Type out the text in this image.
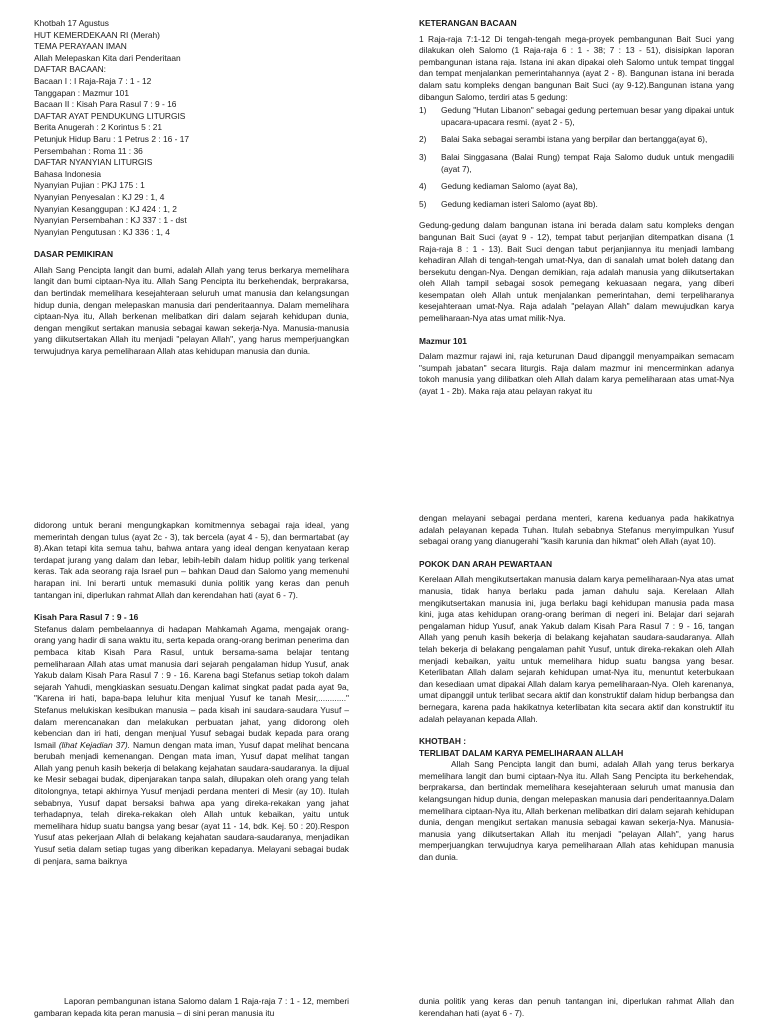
Khotbah 17 Agustus

HUT KEMERDEKAAN RI (Merah)

TEMA PERAYAAN IMAN

Allah Melepaskan Kita dari Penderitaan

DAFTAR BACAAN:

Bacaan I : I Raja-Raja 7 : 1 - 12

Tanggapan : Mazmur 101

Bacaan II : Kisah Para Rasul 7 : 9 - 16

DAFTAR AYAT PENDUKUNG LITURGIS

Berita Anugerah : 2 Korintus 5 : 21

Petunjuk Hidup Baru : 1 Petrus 2 : 16 - 17

Persembahan : Roma 11 : 36

DAFTAR NYANYIAN LITURGIS

Bahasa Indonesia

Nyanyian Pujian : PKJ 175 : 1

Nyanyian Penyesalan : KJ 29 : 1, 4

Nyanyian Kesanggupan : KJ 424 : 1, 2

Nyanyian Persembahan : KJ 337 : 1 - dst

Nyanyian Pengutusan : KJ 336 : 1, 4

DASAR PEMIKIRAN

Allah Sang Pencipta langit dan bumi, adalah Allah yang terus berkarya memelihara langit dan bumi ciptaan-Nya itu. Allah Sang Pencipta itu berkehendak, berprakarsa, dan bertindak memelihara kesejahteraan seluruh umat manusia dan kelangsungan hidup dunia, dengan melepaskan manusia dari penderitaannya. Dalam memelihara ciptaan-Nya itu, Allah berkenan melibatkan diri dalam sejarah kehidupan dunia, dengan mengikut sertakan manusia sebagai kawan sekerja-Nya. Manusia-manusia yang diikutsertakan Allah itu menjadi "pelayan Allah", yang harus memperjuangkan terwujudnya karya pemeliharaan Allah atas kehidupan manusia dan dunia.

KETERANGAN BACAAN

1 Raja-raja 7:1-12 Di tengah-tengah mega-proyek pembangunan Bait Suci yang dilakukan oleh Salomo (1 Raja-raja 6 : 1 - 38; 7 : 13 - 51), disisipkan laporan pembangunan istana raja. Istana ini akan dipakai oleh Salomo untuk tempat tinggal dan tempat menjalankan pemerintahannya (ayat 2 - 8). Bangunan istana ini berada dalam satu kompleks dengan bangunan Bait Suci (ay 9-12).Bangunan istana yang dibangun Salomo, terdiri atas 5 gedung:

1) Gedung "Hutan Libanon" sebagai gedung pertemuan besar yang dipakai untuk upacara-upacara resmi. (ayat 2 - 5),
2) Balai Saka sebagai serambi istana yang berpilar dan bertangga(ayat 6),
3) Balai Singgasana (Balai Rung) tempat Raja Salomo duduk untuk mengadili (ayat 7),
4) Gedung kediaman Salomo (ayat 8a),
5) Gedung kediaman isteri Salomo (ayat 8b).

Gedung-gedung dalam bangunan istana ini berada dalam satu kompleks dengan bangunan Bait Suci (ayat 9 - 12), tempat tabut perjanjian ditempatkan disana (1 Raja-raja 8 : 1 - 13). Bait Suci dengan tabut perjanjiannya itu menjadi lambang kehadiran Allah di tengah-tengah umat-Nya, dan di sanalah umat boleh datang dan bersekutu dengan-Nya. Dengan demikian, raja adalah manusia yang diikutsertakan oleh Allah tampil sebagai sosok pemegang kekuasaan negara, yang diberi kesempatan oleh Allah untuk menjalankan pemerintahan, demi terpeliharanya kesejahteraan umat-Nya. Raja adalah "pelayan Allah" dalam mewujudkan karya pemeliharaan-Nya atas umat milik-Nya.

Mazmur 101

Dalam mazmur rajawi ini, raja keturunan Daud dipanggil menyampaikan semacam "sumpah jabatan" secara liturgis. Raja dalam mazmur ini mencerminkan adanya tokoh manusia yang dilibatkan oleh Allah dalam karya pemeliharaan atas umat-Nya (ayat 1 - 2b). Maka raja atau pelayan rakyat itu

didorong untuk berani mengungkapkan komitmennya sebagai raja ideal, yang memerintah dengan tulus (ayat 2c - 3), tak bercela (ayat 4 - 5), dan bermartabat (ay 8).Akan tetapi kita semua tahu, bahwa antara yang ideal dengan kenyataan kerap terdapat jurang yang dalam dan lebar, lebih-lebih dalam hidup politik yang terkenal keras. Tak ada seorang raja Israel pun – bahkan Daud dan Salomo yang memenuhi harapan ini. Ini berarti untuk memasuki dunia politik yang keras dan penuh tantangan ini, diperlukan rahmat Allah dan kerendahan hati (ayat 6 - 7).

Kisah Para Rasul 7 : 9 - 16

Stefanus dalam pembelaannya di hadapan Mahkamah Agama, mengajak orang-orang yang hadir di sana waktu itu, serta kepada orang-orang beriman penerima dan pembaca kitab Kisah Para Rasul, untuk bersama-sama belajar tentang pemeliharaan Allah atas umat manusia dari sejarah pengalaman hidup Yusuf, anak Yakub dalam Kisah Para Rasul 7 : 9 - 16. Karena bagi Stefanus setiap tokoh dalam sejarah Yahudi, mengkiaskan sesuatu.Dengan kalimat singkat padat pada ayat 9a, "Karena iri hati, bapa-bapa leluhur kita menjual Yusuf ke tanah Mesir,............" Stefanus melukiskan kesibukan manusia – pada kisah ini saudara-saudara Yusuf – dalam merencanakan dan melakukan perbuatan jahat, yang didorong oleh kebencian dan iri hati, dengan menjual Yusuf sebagai budak kepada para orang Ismail (lihat Kejadian 37). Namun dengan mata iman, Yusuf dapat melihat bencana berubah menjadi kemenangan. Dengan mata iman, Yusuf dapat melihat tangan Allah yang penuh kasih bekerja di belakang kejahatan saudara-saudaranya. Ia dijual ke Mesir sebagai budak, dipenjarakan tanpa salah, dilupakan oleh orang yang telah ditolongnya, tetapi akhirnya Yusuf menjadi perdana menteri di Mesir (ay 10). Itulah sebabnya, Yusuf dapat bersaksi bahwa apa yang direka-rekakan yang jahat terhadapnya, telah direka-rekakan oleh Allah untuk kebaikan, yaitu untuk memelihara hidup suatu bangsa yang besar (ayat 11 - 14, bdk. Kej. 50 : 20).Respon Yusuf atas pekerjaan Allah di belakang kejahatan saudara-saudaranya, menjadikan Yusuf setia dalam setiap tugas yang diberikan kepadanya. Melayani sebagai budak di penjara, sama baiknya

dengan melayani sebagai perdana menteri, karena keduanya pada hakikatnya adalah pelayanan kepada Tuhan. Itulah sebabnya Stefanus menyimpulkan Yusuf sebagai orang yang dianugerahi "kasih karunia dan hikmat" oleh Allah (ayat 10).

POKOK DAN ARAH PEWARTAAN

Kerelaan Allah mengikutsertakan manusia dalam karya pemeliharaan-Nya atas umat manusia, tidak hanya berlaku pada jaman dahulu saja. Kerelaan Allah mengikutsertakan manusia ini, juga berlaku bagi kehidupan manusia pada masa kini, juga atas kehidupan orang-orang beriman di negeri ini. Belajar dari sejarah pengalaman hidup Yusuf, anak Yakub dalam Kisah Para Rasul 7 : 9 - 16, tangan Allah yang penuh kasih bekerja di belakang kejahatan saudara-saudaranya. Allah telah bekerja di belakang pengalaman pahit Yusuf, untuk direka-rekakan oleh Allah menjadi kebaikan, yaitu untuk memelihara hidup suatu bangsa yang besar. Keterlibatan Allah dalam sejarah kehidupan umat-Nya itu, menuntut keterbukaan dan kesediaan umat dipakai Allah dalam karya pemeliharaan-Nya. Oleh karenanya, umat dipanggil untuk terlibat secara aktif dan konstruktif dalam hidup berbangsa dan bernegara, karena pada hakikatnya keterlibatan kita secara aktif dan konstruktif itu adalah pelayanan kepada Allah.

KHOTBAH :

TERLIBAT DALAM KARYA PEMELIHARAAN ALLAH

Allah Sang Pencipta langit dan bumi, adalah Allah yang terus berkarya memelihara langit dan bumi ciptaan-Nya itu. Allah Sang Pencipta itu berkehendak, berprakarsa, dan bertindak memelihara kesejahteraan seluruh umat manusia dan kelangsungan hidup dunia, dengan melepaskan manusia dari penderitaannya.Dalam memelihara ciptaan-Nya itu, Allah berkenan melibatkan diri dalam sejarah kehidupan dunia, dengan mengikut sertakan manusia sebagai kawan sekerja-Nya. Manusia-manusia yang diikutsertakan Allah itu menjadi "pelayan Allah", yang harus memperjuangkan terwujudnya karya pemeliharaan Allah atas kehidupan manusia dan dunia.

Laporan pembangunan istana Salomo dalam 1 Raja-raja 7 : 1 - 12, memberi gambaran kepada kita peran manusia – di sini peran manusia itu

dunia politik yang keras dan penuh tantangan ini, diperlukan rahmat Allah dan kerendahan hati (ayat 6 - 7).
